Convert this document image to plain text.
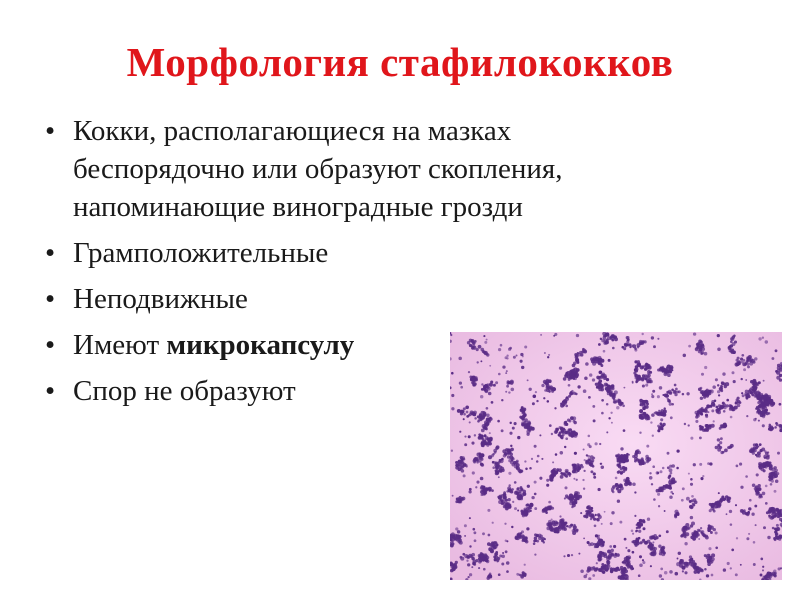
Морфология стафилококков
• Кокки, располагающиеся на мазках беспорядочно или образуют скопления, напоминающие виноградные грозди
• Грамположительные
• Неподвижные
• Имеют микрокапсулу
• Спор не образуют
